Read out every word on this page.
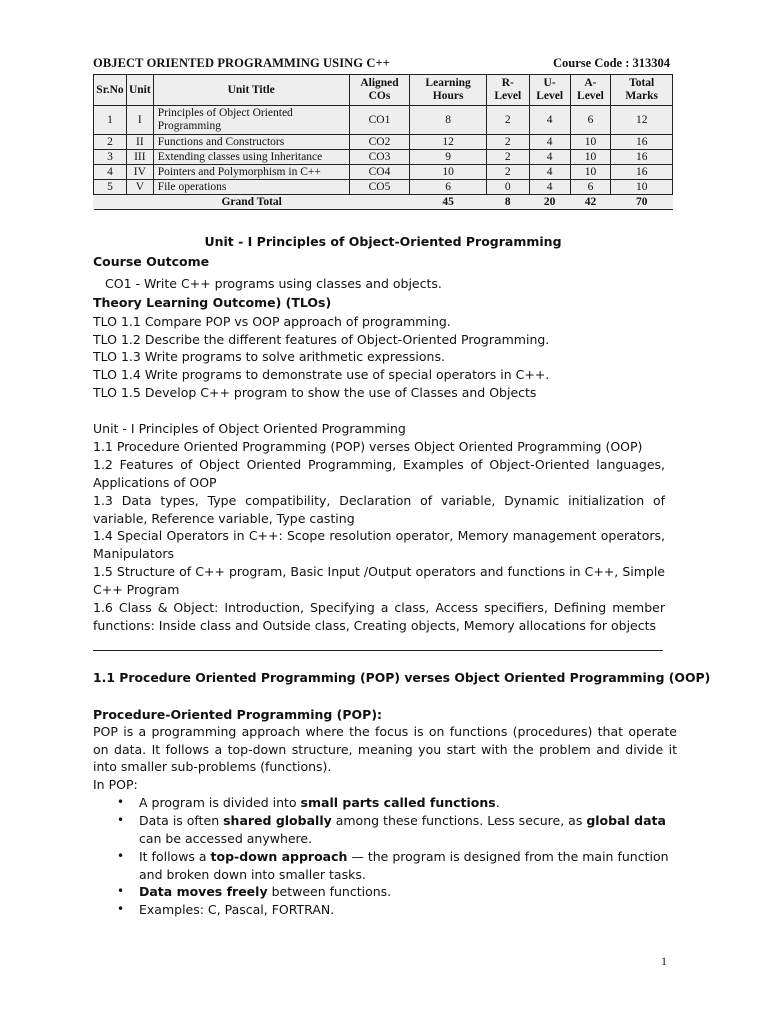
OBJECT ORIENTED PROGRAMMING USING C++	Course Code : 313304
Sr.No	Unit	Unit Title	Aligned COs	Learning Hours	R-Level	U-Level	A-Level	Total Marks
1	I	Principles of Object Oriented Programming	CO1	8	2	4	6	12
2	II	Functions and Constructors	CO2	12	2	4	10	16
3	III	Extending classes using Inheritance	CO3	9	2	4	10	16
4	IV	Pointers and Polymorphism in C++	CO4	10	2	4	10	16
5	V	File operations	CO5	6	0	4	6	10
Grand Total				45	8	20	42	70
Unit - I Principles of Object-Oriented Programming
Course Outcome
CO1 - Write C++ programs using classes and objects.
Theory Learning Outcome) (TLOs)
TLO 1.1 Compare POP vs OOP approach of programming.
TLO 1.2 Describe the different features of Object-Oriented Programming.
TLO 1.3 Write programs to solve arithmetic expressions.
TLO 1.4 Write programs to demonstrate use of special operators in C++.
TLO 1.5 Develop C++ program to show the use of Classes and Objects
Unit - I Principles of Object Oriented Programming
1.1 Procedure Oriented Programming (POP) verses Object Oriented Programming (OOP)
1.2 Features of Object Oriented Programming, Examples of Object-Oriented languages, Applications of OOP
1.3 Data types, Type compatibility, Declaration of variable, Dynamic initialization of variable, Reference variable, Type casting
1.4 Special Operators in C++: Scope resolution operator, Memory management operators, Manipulators
1.5 Structure of C++ program, Basic Input /Output operators and functions in C++, Simple C++ Program
1.6 Class & Object: Introduction, Specifying a class, Access specifiers, Defining member functions: Inside class and Outside class, Creating objects, Memory allocations for objects
1.1 Procedure Oriented Programming (POP) verses Object Oriented Programming (OOP)
Procedure-Oriented Programming (POP):
POP is a programming approach where the focus is on functions (procedures) that operate on data. It follows a top-down structure, meaning you start with the problem and divide it into smaller sub-problems (functions).
In POP:
•	A program is divided into small parts called functions.
•	Data is often shared globally among these functions. Less secure, as global data can be accessed anywhere.
•	It follows a top-down approach — the program is designed from the main function and broken down into smaller tasks.
•	Data moves freely between functions.
•	Examples: C, Pascal, FORTRAN.
1
